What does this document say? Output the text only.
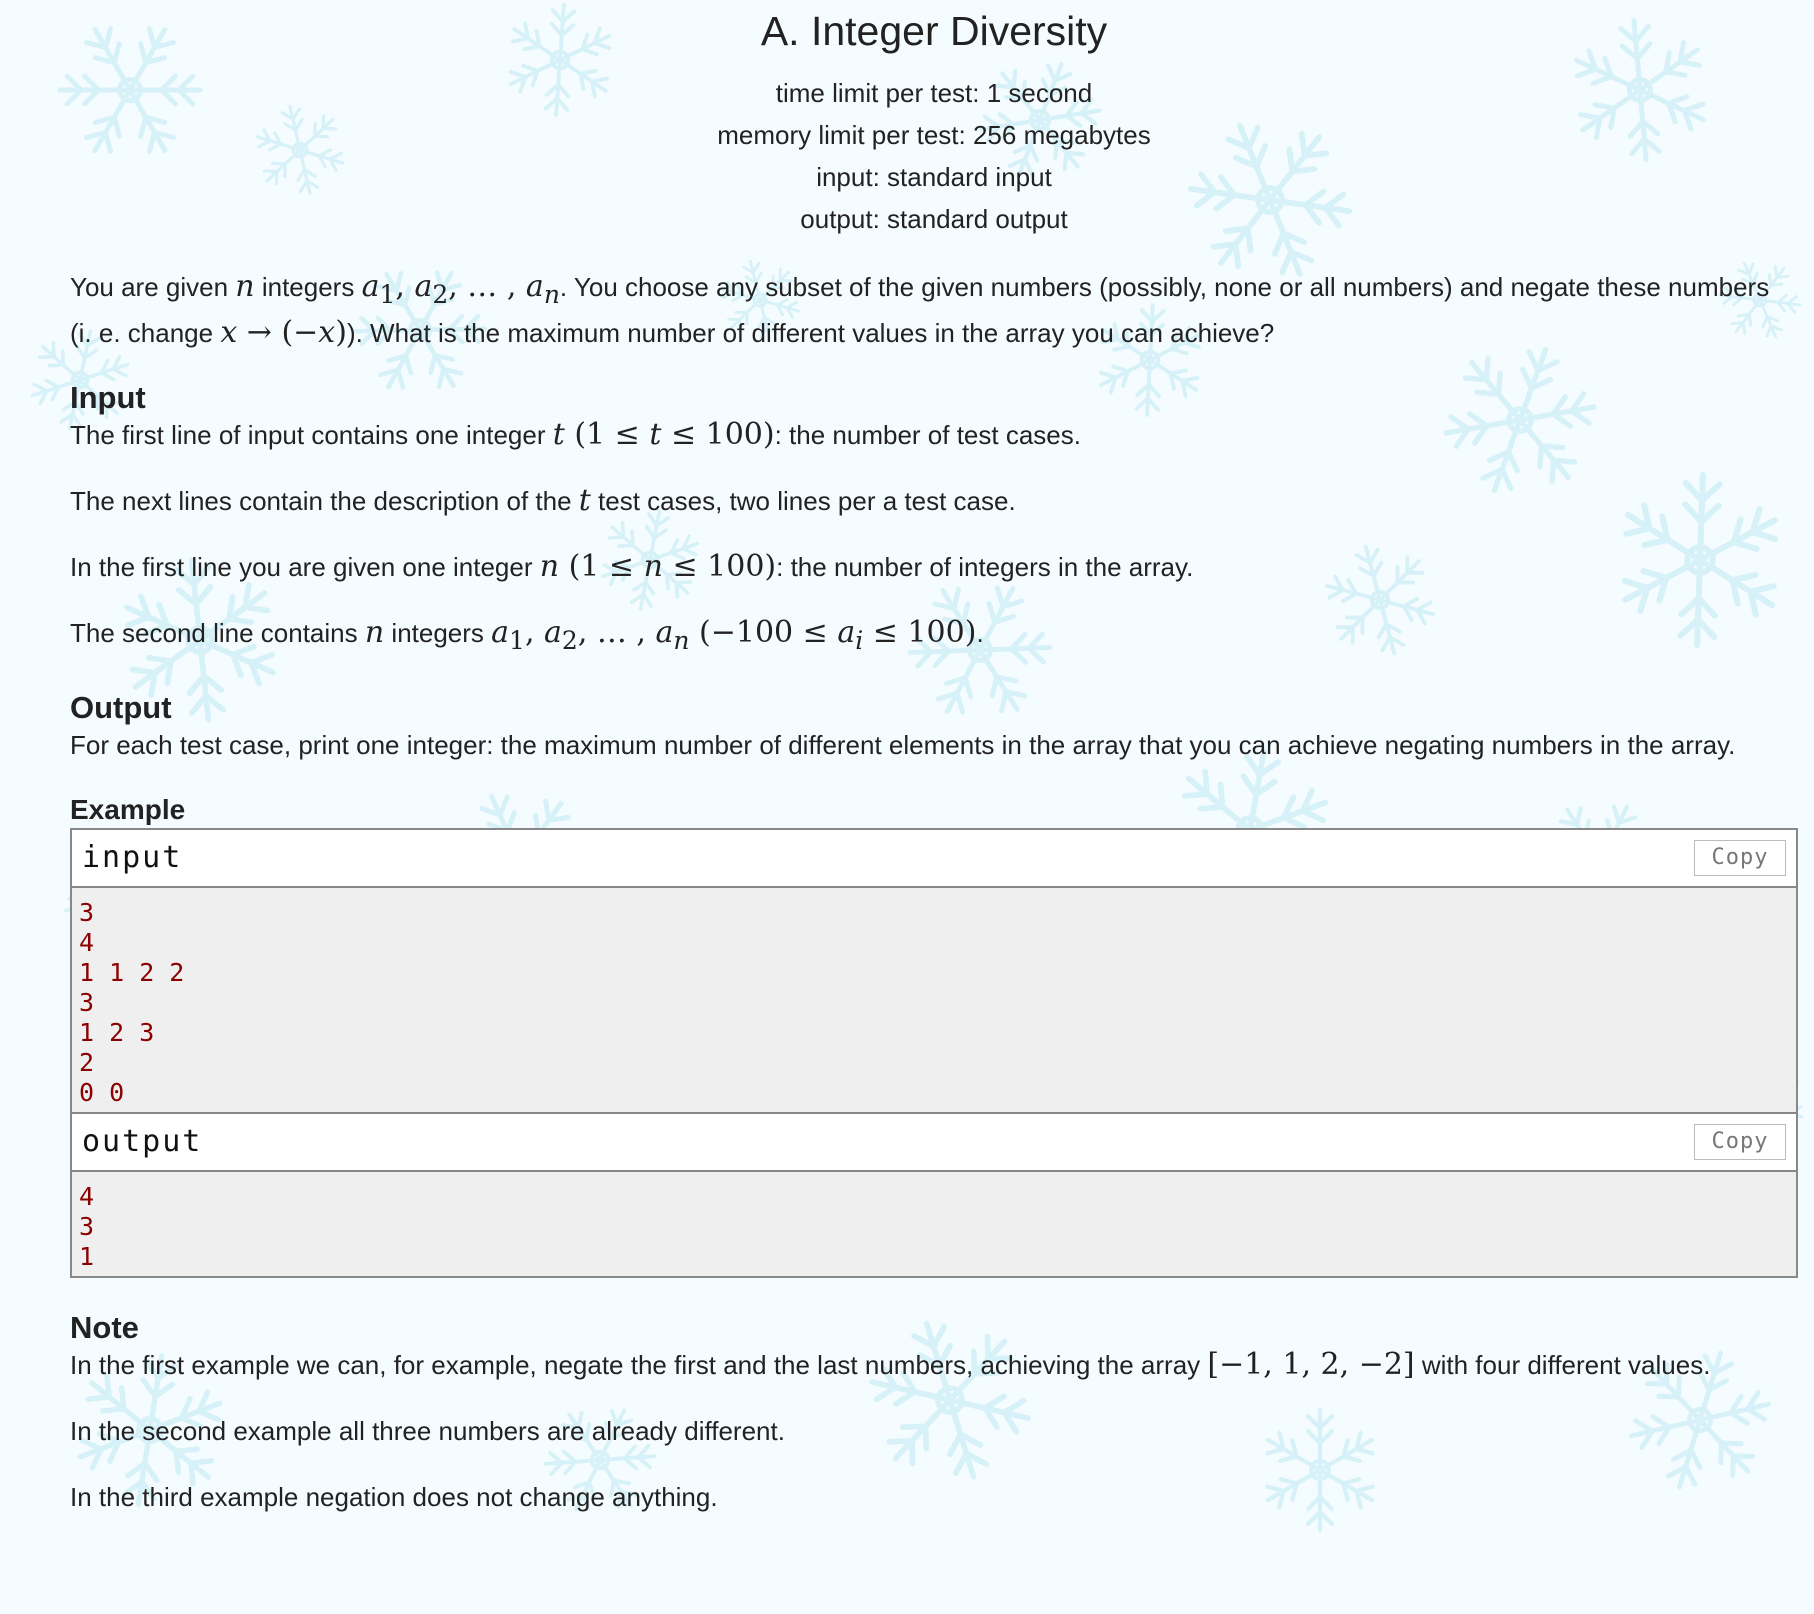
A. Integer Diversity
time limit per test: 1 second
memory limit per test: 256 megabytes
input: standard input
output: standard output

You are given n integers $a_1$, $a_2$, … , $a_n$. You choose any subset of the given numbers (possibly, none or all numbers) and negate these numbers (i. e. change x → (−x)). What is the maximum number of different values in the array you can achieve?

Input

The first line of input contains one integer t (1 ≤ t ≤ 100): the number of test cases.

The next lines contain the description of the t test cases, two lines per a test case.

In the first line you are given one integer n (1 ≤ n ≤ 100): the number of integers in the array.

The second line contains n integers $a_1$, $a_2$, … , $a_n$ $(-100 \le a_i \le 100)$.

Output

For each test case, print one integer: the maximum number of different elements in the array that you can achieve negating numbers in the array.

Example
input	Copy
3
4
1 1 2 2
3
1 2 3
2
0 0
output	Copy
4
3
1
Note

In the first example we can, for example, negate the first and the last numbers, achieving the array [−1, 1, 2, −2] with four different values.

In the second example all three numbers are already different.

In the third example negation does not change anything.
